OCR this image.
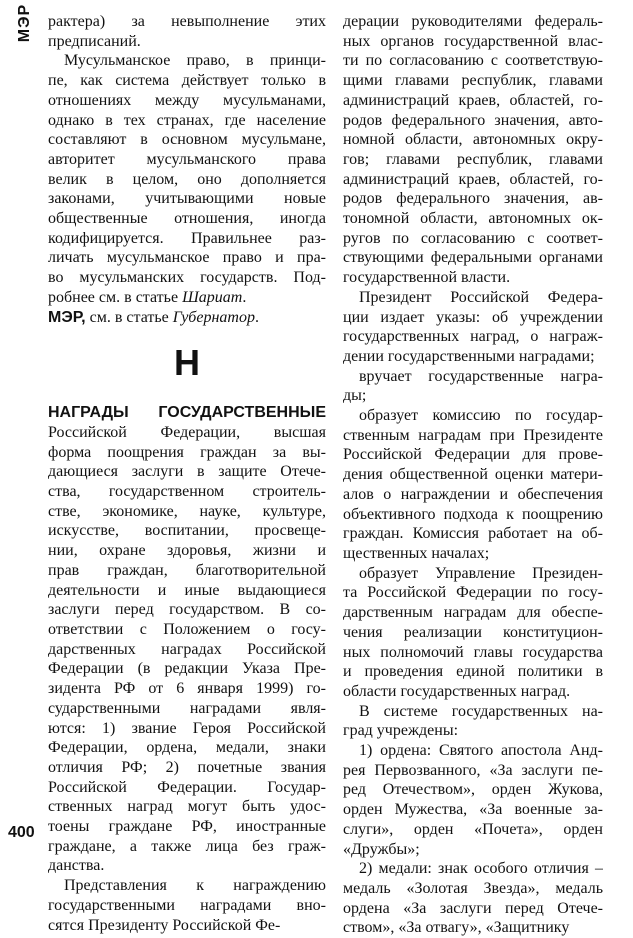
МЭР
400
рактера) за невыполнение этих
предписаний.
Мусульманское право, в принци-
пе, как система действует только в
отношениях между мусульманами,
однако в тех странах, где население
составляют в основном мусульмане,
авторитет мусульманского права
велик в целом, оно дополняется
законами, учитывающими новые
общественные отношения, иногда
кодифицируется. Правильнее раз-
личать мусульманское право и пра-
во мусульманских государств. Под-
робнее см. в статье Шариат.
МЭР, см. в статье Губернатор.
Н
НАГРАДЫ ГОСУДАРСТВЕННЫЕ
Российской Федерации, высшая
форма поощрения граждан за вы-
дающиеся заслуги в защите Отече-
ства, государственном строитель-
стве, экономике, науке, культуре,
искусстве, воспитании, просвеще-
нии, охране здоровья, жизни и
прав граждан, благотворительной
деятельности и иные выдающиеся
заслуги перед государством. В со-
ответствии с Положением о госу-
дарственных наградах Российской
Федерации (в редакции Указа Пре-
зидента РФ от 6 января 1999) го-
сударственными наградами явля-
ются: 1) звание Героя Российской
Федерации, ордена, медали, знаки
отличия РФ; 2) почетные звания
Российской Федерации. Государ-
ственных наград могут быть удос-
тоены граждане РФ, иностранные
граждане, а также лица без граж-
данства.
Представления к награждению
государственными наградами вно-
сятся Президенту Российской Фе-
дерации руководителями федераль-
ных органов государственной влас-
ти по согласованию с соответствую-
щими главами республик, главами
администраций краев, областей, го-
родов федерального значения, авто-
номной области, автономных окру-
гов; главами республик, главами
администраций краев, областей, го-
родов федерального значения, ав-
тономной области, автономных ок-
ругов по согласованию с соответ-
ствующими федеральными органами
государственной власти.
Президент Российской Федера-
ции издает указы: об учреждении
государственных наград, о награж-
дении государственными наградами;
вручает государственные награ-
ды;
образует комиссию по государ-
ственным наградам при Президенте
Российской Федерации для прове-
дения общественной оценки матери-
алов о награждении и обеспечения
объективного подхода к поощрению
граждан. Комиссия работает на об-
щественных началах;
образует Управление Президен-
та Российской Федерации по госу-
дарственным наградам для обеспе-
чения реализации конституцион-
ных полномочий главы государства
и проведения единой политики в
области государственных наград.
В системе государственных на-
град учреждены:
1) ордена: Святого апостола Анд-
рея Первозванного, «За заслуги пе-
ред Отечеством», орден Жукова,
орден Мужества, «За военные за-
слуги», орден «Почета», орден
«Дружбы»;
2) медали: знак особого отличия –
медаль «Золотая Звезда», медаль
ордена «За заслуги перед Отече-
ством», «За отвагу», «Защитнику
